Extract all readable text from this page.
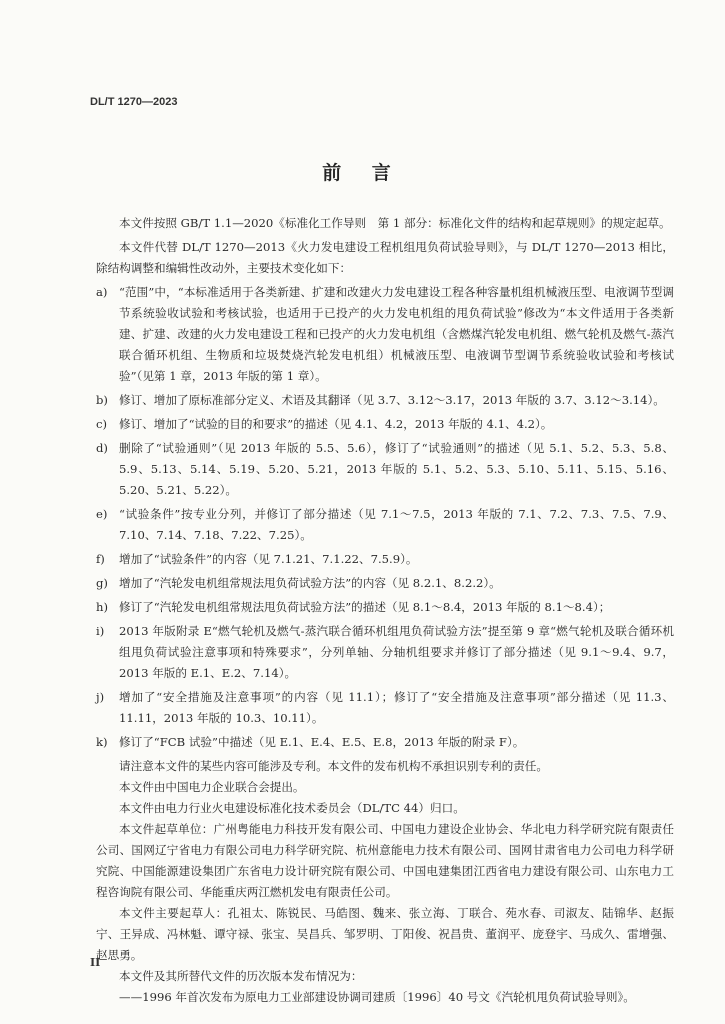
DL/T 1270—2023
前 言

本文件按照 GB/T 1.1—2020《标准化工作导则　第 1 部分：标准化文件的结构和起草规则》的规定起草。

本文件代替 DL/T 1270—2013《火力发电建设工程机组甩负荷试验导则》，与 DL/T 1270—2013 相比，除结构调整和编辑性改动外，主要技术变化如下：

a) “范围”中，“本标准适用于各类新建、扩建和改建火力发电建设工程各种容量机组机械液压型、电液调节型调节系统验收试验和考核试验，也适用于已投产的火力发电机组的甩负荷试验”修改为“本文件适用于各类新建、扩建、改建的火力发电建设工程和已投产的火力发电机组（含燃煤汽轮发电机组、燃气轮机及燃气-蒸汽联合循环机组、生物质和垃圾焚烧汽轮发电机组）机械液压型、电液调节型调节系统验收试验和考核试验”（见第 1 章，2013 年版的第 1 章）。
b) 修订、增加了原标准部分定义、术语及其翻译（见 3.7、3.12～3.17，2013 年版的 3.7、3.12～3.14）。
c) 修订、增加了“试验的目的和要求”的描述（见 4.1、4.2，2013 年版的 4.1、4.2）。
d) 删除了“试验通则”（见 2013 年版的 5.5、5.6），修订了“试验通则”的描述（见 5.1、5.2、5.3、5.8、5.9、5.13、5.14、5.19、5.20、5.21，2013 年版的 5.1、5.2、5.3、5.10、5.11、5.15、5.16、5.20、5.21、5.22）。
e) “试验条件”按专业分列，并修订了部分描述（见 7.1～7.5，2013 年版的 7.1、7.2、7.3、7.5、7.9、7.10、7.14、7.18、7.22、7.25）。
f) 增加了“试验条件”的内容（见 7.1.21、7.1.22、7.5.9）。
g) 增加了“汽轮发电机组常规法甩负荷试验方法”的内容（见 8.2.1、8.2.2）。
h) 修订了“汽轮发电机组常规法甩负荷试验方法”的描述（见 8.1～8.4，2013 年版的 8.1～8.4）；
i) 2013 年版附录 E“燃气轮机及燃气-蒸汽联合循环机组甩负荷试验方法”提至第 9 章“燃气轮机及联合循环机组甩负荷试验注意事项和特殊要求”，分列单轴、分轴机组要求并修订了部分描述（见 9.1～9.4、9.7，2013 年版的 E.1、E.2、7.14）。
j) 增加了“安全措施及注意事项”的内容（见 11.1）；修订了“安全措施及注意事项”部分描述（见 11.3、11.11，2013 年版的 10.3、10.11）。
k) 修订了“FCB 试验”中描述（见 E.1、E.4、E.5、E.8，2013 年版的附录 F）。

请注意本文件的某些内容可能涉及专利。本文件的发布机构不承担识别专利的责任。

本文件由中国电力企业联合会提出。

本文件由电力行业火电建设标准化技术委员会（DL/TC 44）归口。

本文件起草单位：广州粤能电力科技开发有限公司、中国电力建设企业协会、华北电力科学研究院有限责任公司、国网辽宁省电力有限公司电力科学研究院、杭州意能电力技术有限公司、国网甘肃省电力公司电力科学研究院、中国能源建设集团广东省电力设计研究院有限公司、中国电建集团江西省电力建设有限公司、山东电力工程咨询院有限公司、华能重庆两江燃机发电有限责任公司。

本文件主要起草人：孔祖太、陈锐民、马皓图、魏来、张立海、丁联合、苑水春、司淑友、陆锦华、赵振宁、王异成、冯林魁、谭守禄、张宝、吴昌兵、邹罗明、丁阳俊、祝昌贵、董润平、庞登宇、马成久、雷增强、赵思勇。

本文件及其所替代文件的历次版本发布情况为：

——1996 年首次发布为原电力工业部建设协调司建质〔1996〕40 号文《汽轮机甩负荷试验导则》。

II
